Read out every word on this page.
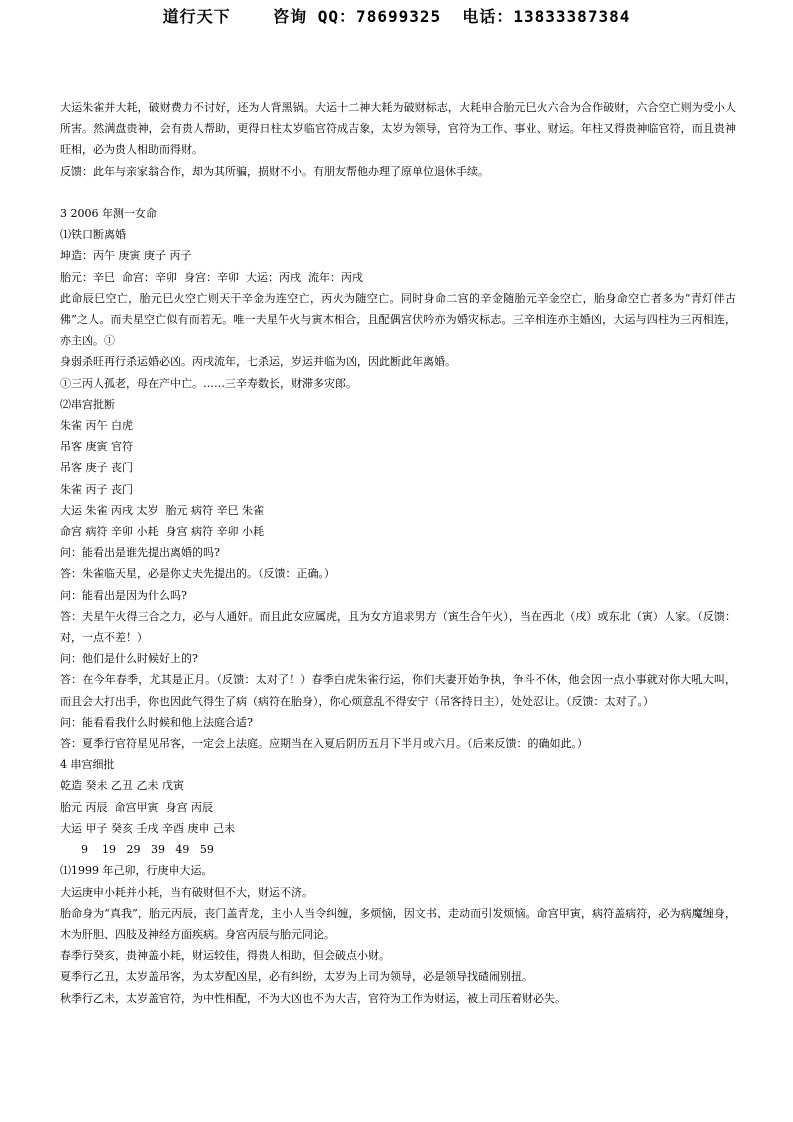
道行天下    咨询 QQ：78699325  电话：13833387384
大运朱雀并大耗，破财费力不讨好，还为人背黑锅。大运十二神大耗为破财标志，大耗申合胎元巳火六合为合作破财，六合空亡则为受小人所害。然满盘贵神，会有贵人帮助，更得日柱太岁临官符成吉象，太岁为领导，官符为工作、事业、财运。年柱又得贵神临官符，而且贵神旺相，必为贵人相助而得财。
反馈：此年与亲家翁合作，却为其所骗，损财不小。有朋友帮他办理了原单位退休手续。
3 2006 年测一女命
⑴铁口断离婚
坤造：丙午 庚寅 庚子 丙子
胎元：辛巳  命宫：辛卯  身宫：辛卯  大运：丙戌  流年：丙戌
此命辰巳空亡，胎元巳火空亡则天干辛金为连空亡，丙火为随空亡。同时身命二宫的辛金随胎元辛金空亡，胎身命空亡者多为“青灯伴古佛”之人。而夫星空亡似有而若无。唯一夫星午火与寅木相合，且配偶宫伏吟亦为婚灾标志。三辛相连亦主婚凶，大运与四柱为三丙相连，亦主凶。①
身弱杀旺再行杀运婚必凶。丙戌流年，七杀运，岁运并临为凶，因此断此年离婚。
①三丙人孤老，母在产中亡。……三辛寿数长，财滞多灾郎。
⑵串宫批断
朱雀 丙午 白虎
吊客 庚寅 官符
吊客 庚子 丧门
朱雀 丙子 丧门
大运 朱雀 丙戌 太岁  胎元 病符 辛巳 朱雀
命宫 病符 辛卯 小耗  身宫 病符 辛卯 小耗
问：能看出是谁先提出离婚的吗?
答：朱雀临天星，必是你丈夫先提出的。（反馈：正确。）
问：能看出是因为什么吗?
答：夫星午火得三合之力，必与人通奸。而且此女应属虎，且为女方追求男方（寅生合午火），当在西北（戌）或东北（寅）人家。（反馈：对，一点不差！）
问：他们是什么时候好上的?
答：在今年春季，尤其是正月。（反馈：太对了！）春季白虎朱雀行运，你们夫妻开始争执，争斗不休，他会因一点小事就对你大吼大叫，而且会大打出手，你也因此气得生了病（病符在胎身），你心烦意乱不得安宁（吊客持日主），处处忍让。（反馈：太对了。）
问：能看看我什么时候和他上法庭合适?
答：夏季行官符星见吊客，一定会上法庭。应期当在入夏后阴历五月下半月或六月。（后来反馈：的确如此。）
4 串宫细批
乾造 癸未 乙丑 乙未 戊寅
胎元 丙辰  命宫甲寅  身宫 丙辰
大运 甲子 癸亥 壬戌 辛酉 庚申 己未
9    19   29   39   49   59
⑴1999 年己卯，行庚申大运。
大运庚申小耗并小耗，当有破财但不大，财运不济。
胎命身为“真我”，胎元丙辰，丧门盖青龙，主小人当令纠缠，多烦恼，因文书、走动而引发烦恼。命宫甲寅，病符盖病符，必为病魔缠身，木为肝胆、四肢及神经方面疾病。身宫丙辰与胎元同论。
春季行癸亥，贵神盖小耗，财运较佳，得贵人相助，但会破点小财。
夏季行乙丑，太岁盖吊客，为太岁配凶星，必有纠纷，太岁为上司为领导，必是领导找碴闹别扭。
秋季行乙未，太岁盖官符，为中性相配，不为大凶也不为大吉，官符为工作为财运，被上司压着财必失。
